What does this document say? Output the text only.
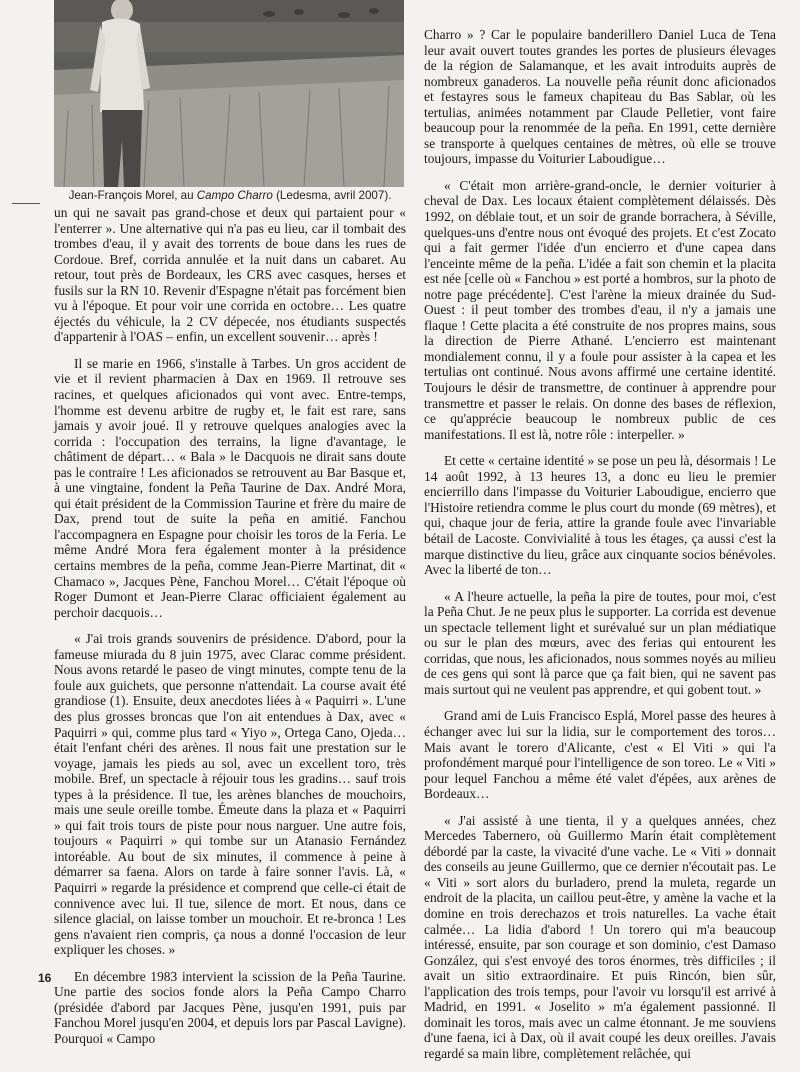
Jean-François Morel, au Campo Charro (Ledesma, avril 2007).

un qui ne savait pas grand-chose et deux qui partaient pour « l'enterrer ». Une alternative qui n'a pas eu lieu, car il tombait des trombes d'eau, il y avait des torrents de boue dans les rues de Cordoue. Bref, corrida annulée et la nuit dans un cabaret. Au retour, tout près de Bordeaux, les CRS avec casques, herses et fusils sur la RN 10. Revenir d'Espagne n'était pas forcément bien vu à l'époque. Et pour voir une corrida en octobre… Les quatre éjectés du véhicule, la 2 CV dépecée, nos étudiants suspectés d'appartenir à l'OAS – enfin, un excellent souvenir… après !

Il se marie en 1966, s'installe à Tarbes. Un gros accident de vie et il revient pharmacien à Dax en 1969. Il retrouve ses racines, et quelques aficionados qui vont avec. Entre-temps, l'homme est devenu arbitre de rugby et, le fait est rare, sans jamais y avoir joué. Il y retrouve quelques analogies avec la corrida : l'occupation des terrains, la ligne d'avantage, le châtiment de départ… « Bala » le Dacquois ne dirait sans doute pas le contraire ! Les aficionados se retrouvent au Bar Basque et, à une vingtaine, fondent la Peña Taurine de Dax. André Mora, qui était président de la Commission Taurine et frère du maire de Dax, prend tout de suite la peña en amitié. Fanchou l'accompagnera en Espagne pour choisir les toros de la Feria. Le même André Mora fera également monter à la présidence certains membres de la peña, comme Jean-Pierre Martinat, dit « Chamaco », Jacques Pène, Fanchou Morel… C'était l'époque où Roger Dumont et Jean-Pierre Clarac officiaient également au perchoir dacquois…

« J'ai trois grands souvenirs de présidence. D'abord, pour la fameuse miurada du 8 juin 1975, avec Clarac comme président. Nous avons retardé le paseo de vingt minutes, compte tenu de la foule aux guichets, que personne n'attendait. La course avait été grandiose (1). Ensuite, deux anecdotes liées à « Paquirri ». L'une des plus grosses broncas que l'on ait entendues à Dax, avec « Paquirri » qui, comme plus tard « Yiyo », Ortega Cano, Ojeda… était l'enfant chéri des arènes. Il nous fait une prestation sur le voyage, jamais les pieds au sol, avec un excellent toro, très mobile. Bref, un spectacle à réjouir tous les gradins… sauf trois types à la présidence. Il tue, les arènes blanches de mouchoirs, mais une seule oreille tombe. Émeute dans la plaza et « Paquirri » qui fait trois tours de piste pour nous narguer. Une autre fois, toujours « Paquirri » qui tombe sur un Atanasio Fernández intoréable. Au bout de six minutes, il commence à peine à démarrer sa faena. Alors on tarde à faire sonner l'avis. Là, « Paquirri » regarde la présidence et comprend que celle-ci était de connivence avec lui. Il tue, silence de mort. Et nous, dans ce silence glacial, on laisse tomber un mouchoir. Et re-bronca ! Les gens n'avaient rien compris, ça nous a donné l'occasion de leur expliquer les choses. »

En décembre 1983 intervient la scission de la Peña Taurine. Une partie des socios fonde alors la Peña Campo Charro (présidée d'abord par Jacques Pène, jusqu'en 1991, puis par Fanchou Morel jusqu'en 2004, et depuis lors par Pascal Lavigne). Pourquoi « Campo

Charro » ? Car le populaire banderillero Daniel Luca de Tena leur avait ouvert toutes grandes les portes de plusieurs élevages de la région de Salamanque, et les avait introduits auprès de nombreux ganaderos. La nouvelle peña réunit donc aficionados et festayres sous le fameux chapiteau du Bas Sablar, où les tertulias, animées notamment par Claude Pelletier, vont faire beaucoup pour la renommée de la peña. En 1991, cette dernière se transporte à quelques centaines de mètres, où elle se trouve toujours, impasse du Voiturier Laboudigue…

« C'était mon arrière-grand-oncle, le dernier voiturier à cheval de Dax. Les locaux étaient complètement délaissés. Dès 1992, on déblaie tout, et un soir de grande borrachera, à Séville, quelques-uns d'entre nous ont évoqué des projets. Et c'est Zocato qui a fait germer l'idée d'un encierro et d'une capea dans l'enceinte même de la peña. L'idée a fait son chemin et la placita est née [celle où « Fanchou » est porté a hombros, sur la photo de notre page précédente]. C'est l'arène la mieux drainée du Sud-Ouest : il peut tomber des trombes d'eau, il n'y a jamais une flaque ! Cette placita a été construite de nos propres mains, sous la direction de Pierre Athané. L'encierro est maintenant mondialement connu, il y a foule pour assister à la capea et les tertulias ont continué. Nous avons affirmé une certaine identité. Toujours le désir de transmettre, de continuer à apprendre pour transmettre et passer le relais. On donne des bases de réflexion, ce qu'apprécie beaucoup le nombreux public de ces manifestations. Il est là, notre rôle : interpeller. »

Et cette « certaine identité » se pose un peu là, désormais ! Le 14 août 1992, à 13 heures 13, a donc eu lieu le premier encierrillo dans l'impasse du Voiturier Laboudigue, encierro que l'Histoire retiendra comme le plus court du monde (69 mètres), et qui, chaque jour de feria, attire la grande foule avec l'invariable bétail de Lacoste. Convivialité à tous les étages, ça aussi c'est la marque distinctive du lieu, grâce aux cinquante socios bénévoles. Avec la liberté de ton…

« A l'heure actuelle, la peña la pire de toutes, pour moi, c'est la Peña Chut. Je ne peux plus le supporter. La corrida est devenue un spectacle tellement light et surévalué sur un plan médiatique ou sur le plan des mœurs, avec des ferias qui entourent les corridas, que nous, les aficionados, nous sommes noyés au milieu de ces gens qui sont là parce que ça fait bien, qui ne savent pas mais surtout qui ne veulent pas apprendre, et qui gobent tout. »

Grand ami de Luis Francisco Esplá, Morel passe des heures à échanger avec lui sur la lidia, sur le comportement des toros… Mais avant le torero d'Alicante, c'est « El Viti » qui l'a profondément marqué pour l'intelligence de son toreo. Le « Viti » pour lequel Fanchou a même été valet d'épées, aux arènes de Bordeaux…

« J'ai assisté à une tienta, il y a quelques années, chez Mercedes Tabernero, où Guillermo Marín était complètement débordé par la caste, la vivacité d'une vache. Le « Viti » donnait des conseils au jeune Guillermo, que ce dernier n'écoutait pas. Le « Viti » sort alors du burladero, prend la muleta, regarde un endroit de la placita, un caillou peut-être, y amène la vache et la domine en trois derechazos et trois naturelles. La vache était calmée… La lidia d'abord ! Un torero qui m'a beaucoup intéressé, ensuite, par son courage et son dominio, c'est Damaso González, qui s'est envoyé des toros énormes, très difficiles ; il avait un sitio extraordinaire. Et puis Rincón, bien sûr, l'application des trois temps, pour l'avoir vu lorsqu'il est arrivé à Madrid, en 1991. « Joselito » m'a également passionné. Il dominait les toros, mais avec un calme étonnant. Je me souviens d'une faena, ici à Dax, où il avait coupé les deux oreilles. J'avais regardé sa main libre, complètement relâchée, qui

16
